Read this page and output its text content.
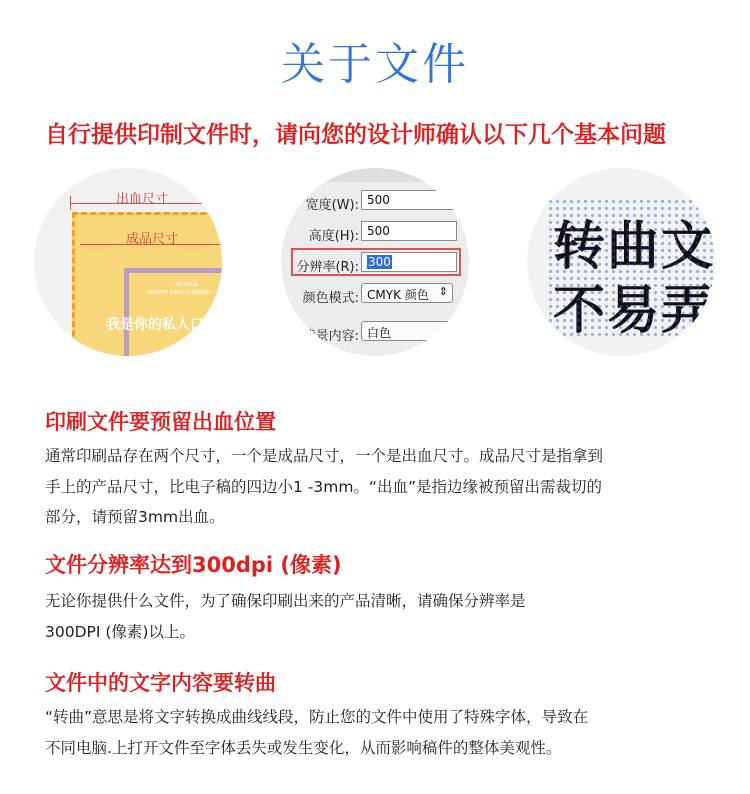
关于文件
自行提供印制文件时，请向您的设计师确认以下几个基本问题
出血尺寸
成品尺寸
I AM YOUR
PRIVATE ORAL SURGEON
我是你的私人口
宽度(W): 500
高度(H): 500
分辨率(R): 300
颜色模式: CMYK 颜色 ⇕
背景内容: 白色
转曲文
不易弄
印刷文件要预留出血位置
通常印刷品存在两个尺寸，一个是成品尺寸，一个是出血尺寸。成品尺寸是指拿到
手上的产品尺寸，比电子稿的四边小1 -3mm。“出血”是指边缘被预留出需裁切的
部分，请预留3mm出血。
文件分辨率达到300dpi (像素)
无论你提供什么文件，为了确保印刷出来的产品清晰，请确保分辨率是
300DPI (像素)以上。
文件中的文字内容要转曲
“转曲”意思是将文字转换成曲线线段，防止您的文件中使用了特殊字体，导致在
不同电脑.上打开文件至字体丢失或发生变化，从而影响稿件的整体美观性。
